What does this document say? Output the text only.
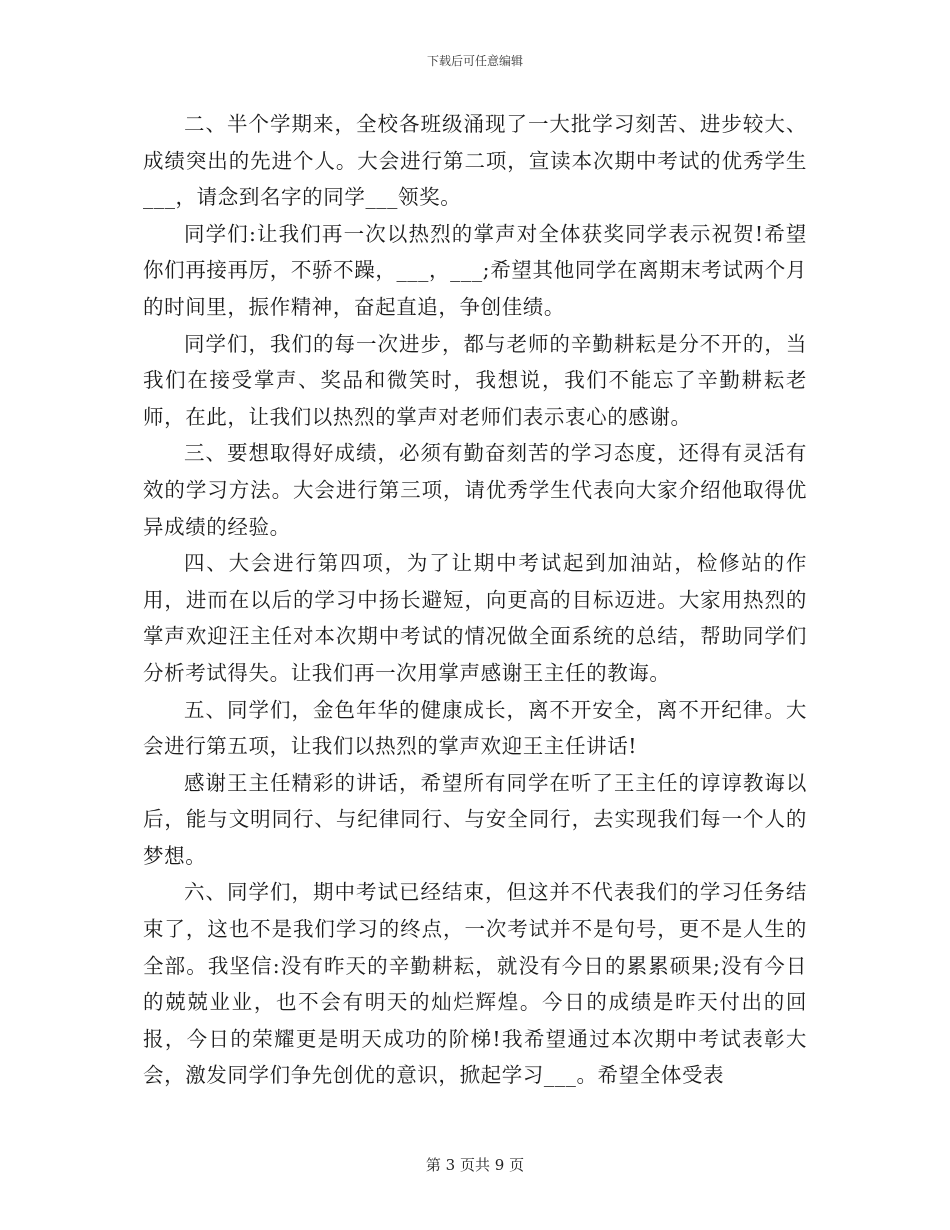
下载后可任意编辑

二、半个学期来，全校各班级涌现了一大批学习刻苦、进步较大、成绩突出的先进个人。大会进行第二项，宣读本次期中考试的优秀学生___，请念到名字的同学___领奖。

同学们:让我们再一次以热烈的掌声对全体获奖同学表示祝贺!希望你们再接再厉，不骄不躁，___，___;希望其他同学在离期末考试两个月的时间里，振作精神，奋起直追，争创佳绩。

同学们，我们的每一次进步，都与老师的辛勤耕耘是分不开的，当我们在接受掌声、奖品和微笑时，我想说，我们不能忘了辛勤耕耘老师，在此，让我们以热烈的掌声对老师们表示衷心的感谢。

三、要想取得好成绩，必须有勤奋刻苦的学习态度，还得有灵活有效的学习方法。大会进行第三项，请优秀学生代表向大家介绍他取得优异成绩的经验。

四、大会进行第四项，为了让期中考试起到加油站，检修站的作用，进而在以后的学习中扬长避短，向更高的目标迈进。大家用热烈的掌声欢迎汪主任对本次期中考试的情况做全面系统的总结，帮助同学们分析考试得失。让我们再一次用掌声感谢王主任的教诲。

五、同学们，金色年华的健康成长，离不开安全，离不开纪律。大会进行第五项，让我们以热烈的掌声欢迎王主任讲话!

感谢王主任精彩的讲话，希望所有同学在听了王主任的谆谆教诲以后，能与文明同行、与纪律同行、与安全同行，去实现我们每一个人的梦想。

六、同学们，期中考试已经结束，但这并不代表我们的学习任务结束了，这也不是我们学习的终点，一次考试并不是句号，更不是人生的全部。我坚信:没有昨天的辛勤耕耘，就没有今日的累累硕果;没有今日的兢兢业业，也不会有明天的灿烂辉煌。今日的成绩是昨天付出的回报，今日的荣耀更是明天成功的阶梯!我希望通过本次期中考试表彰大会，激发同学们争先创优的意识，掀起学习___。希望全体受表

第 3 页共 9 页
